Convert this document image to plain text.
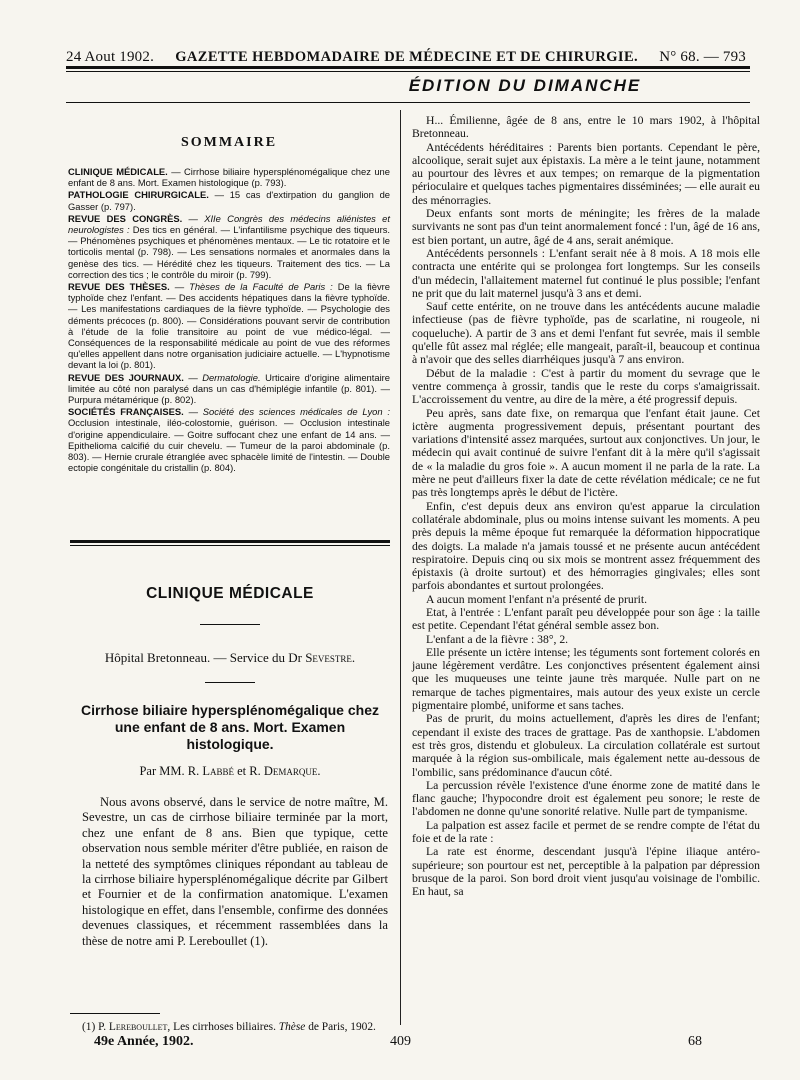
24 Aout 1902. GAZETTE HEBDOMADAIRE DE MÉDECINE ET DE CHIRURGIE. N° 68. — 793
ÉDITION DU DIMANCHE
SOMMAIRE

CLINIQUE MÉDICALE. — Cirrhose biliaire hypersplénomégalique chez une enfant de 8 ans. Mort. Examen histologique (p. 793).

PATHOLOGIE CHIRURGICALE. — 15 cas d'extirpation du ganglion de Gasser (p. 797).

REVUE DES CONGRÈS. — XIIe Congrès des médecins aliénistes et neurologistes : Des tics en général. — L'infantilisme psychique des tiqueurs. — Phénomènes psychiques et phénomènes mentaux. — Le tic rotatoire et le torticolis mental (p. 798). — Les sensations normales et anormales dans la genèse des tics. — Hérédité chez les tiqueurs. Traitement des tics. — La correction des tics ; le contrôle du miroir (p. 799).

REVUE DES THÈSES. — Thèses de la Faculté de Paris : De la fièvre typhoïde chez l'enfant. — Des accidents hépatiques dans la fièvre typhoïde. — Les manifestations cardiaques de la fièvre typhoïde. — Psychologie des déments précoces (p. 800). — Considérations pouvant servir de contribution à l'étude de la folie transitoire au point de vue médico-légal. — Conséquences de la responsabilité médicale au point de vue des réformes qu'elles appellent dans notre organisation judiciaire actuelle. — L'hypnotisme devant la loi (p. 801).

REVUE DES JOURNAUX. — Dermatologie. Urticaire d'origine alimentaire limitée au côté non paralysé dans un cas d'hémiplégie infantile (p. 801). — Purpura métamérique (p. 802).

SOCIÉTÉS FRANÇAISES. — Société des sciences médicales de Lyon : Occlusion intestinale, iléo-colostomie, guérison. — Occlusion intestinale d'origine appendiculaire. — Goitre suffocant chez une enfant de 14 ans. — Epithelioma calcifié du cuir chevelu. — Tumeur de la paroi abdominale (p. 803). — Hernie crurale étranglée avec sphacèle limité de l'intestin. — Double ectopie congénitale du cristallin (p. 804).

CLINIQUE MÉDICALE
Hôpital Bretonneau. — Service du Dr Sevestre.
Cirrhose biliaire hypersplénomégalique chez une enfant de 8 ans. Mort. Examen histologique.
Par MM. R. Labbé et R. Demarque.

Nous avons observé, dans le service de notre maître, M. Sevestre, un cas de cirrhose biliaire terminée par la mort, chez une enfant de 8 ans. Bien que typique, cette observation nous semble mériter d'être publiée, en raison de la netteté des symptômes cliniques répondant au tableau de la cirrhose biliaire hypersplénomégalique décrite par Gilbert et Fournier et de la confirmation anatomique. L'examen histologique en effet, dans l'ensemble, confirme des données devenues classiques, et récemment rassemblées dans la thèse de notre ami P. Lereboullet (1).

(1) P. Lereboullet, Les cirrhoses biliaires. Thèse de Paris, 1902.

H... Émilienne, âgée de 8 ans, entre le 10 mars 1902, à l'hôpital Bretonneau.

Antécédents héréditaires : Parents bien portants. Cependant le père, alcoolique, serait sujet aux épistaxis. La mère a le teint jaune, notamment au pourtour des lèvres et aux tempes; on remarque de la pigmentation périoculaire et quelques taches pigmentaires disséminées; — elle aurait eu des ménorragies.

Deux enfants sont morts de méningite; les frères de la malade survivants ne sont pas d'un teint anormalement foncé : l'un, âgé de 16 ans, est bien portant, un autre, âgé de 4 ans, serait anémique.

Antécédents personnels : L'enfant serait née à 8 mois. A 18 mois elle contracta une entérite qui se prolongea fort longtemps. Sur les conseils d'un médecin, l'allaitement maternel fut continué le plus possible; l'enfant ne prit que du lait maternel jusqu'à 3 ans et demi.

Sauf cette entérite, on ne trouve dans les antécédents aucune maladie infectieuse (pas de fièvre typhoïde, pas de scarlatine, ni rougeole, ni coqueluche). A partir de 3 ans et demi l'enfant fut sevrée, mais il semble qu'elle fût assez mal réglée; elle mangeait, paraît-il, beaucoup et continua à n'avoir que des selles diarrhéiques jusqu'à 7 ans environ.

Début de la maladie : C'est à partir du moment du sevrage que le ventre commença à grossir, tandis que le reste du corps s'amaigrissait. L'accroissement du ventre, au dire de la mère, a été progressif depuis.

Peu après, sans date fixe, on remarqua que l'enfant était jaune. Cet ictère augmenta progressivement depuis, présentant pourtant des variations d'intensité assez marquées, surtout aux conjonctives. Un jour, le médecin qui avait continué de suivre l'enfant dit à la mère qu'il s'agissait de « la maladie du gros foie ». A aucun moment il ne parla de la rate. La mère ne peut d'ailleurs fixer la date de cette révélation médicale; ce ne fut pas très longtemps après le début de l'ictère.

Enfin, c'est depuis deux ans environ qu'est apparue la circulation collatérale abdominale, plus ou moins intense suivant les moments. A peu près depuis la même époque fut remarquée la déformation hippocratique des doigts. La malade n'a jamais toussé et ne présente aucun antécédent respiratoire. Depuis cinq ou six mois se montrent assez fréquemment des épistaxis (à droite surtout) et des hémorragies gingivales; elles sont parfois abondantes et surtout prolongées.

A aucun moment l'enfant n'a présenté de prurit.

Etat, à l'entrée : L'enfant paraît peu développée pour son âge : la taille est petite. Cependant l'état général semble assez bon.

L'enfant a de la fièvre : 38°, 2.

Elle présente un ictère intense; les téguments sont fortement colorés en jaune légèrement verdâtre. Les conjonctives présentent également ainsi que les muqueuses une teinte jaune très marquée. Nulle part on ne remarque de taches pigmentaires, mais autour des yeux existe un cercle pigmentaire plombé, uniforme et sans taches.

Pas de prurit, du moins actuellement, d'après les dires de l'enfant; cependant il existe des traces de grattage. Pas de xanthopsie. L'abdomen est très gros, distendu et globuleux. La circulation collatérale est surtout marquée à la région sus-ombilicale, mais également nette au-dessous de l'ombilic, sans prédominance d'aucun côté.

La percussion révèle l'existence d'une énorme zone de matité dans le flanc gauche; l'hypocondre droit est également peu sonore; le reste de l'abdomen ne donne qu'une sonorité relative. Nulle part de tympanisme.

La palpation est assez facile et permet de se rendre compte de l'état du foie et de la rate :

La rate est énorme, descendant jusqu'à l'épine iliaque antéro-supérieure; son pourtour est net, perceptible à la palpation par dépression brusque de la paroi. Son bord droit vient jusqu'au voisinage de l'ombilic. En haut, sa

49e Année, 1902.	409	68
